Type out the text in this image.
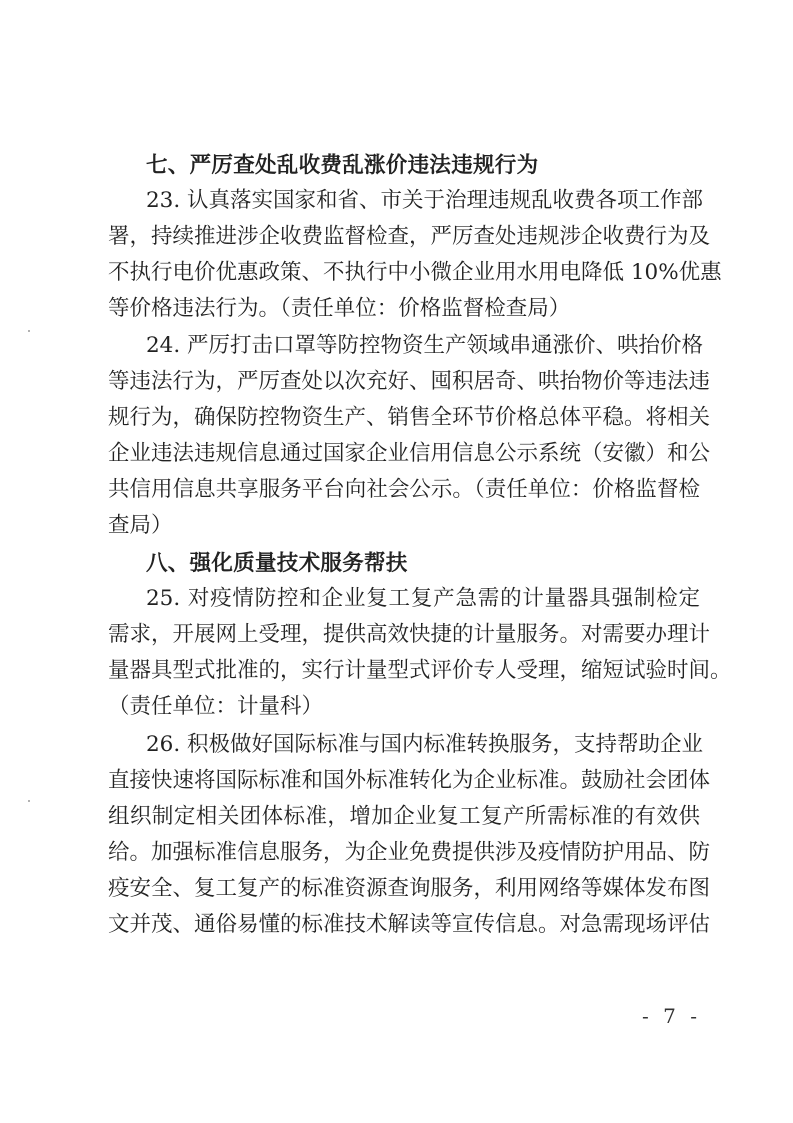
七、严厉查处乱收费乱涨价违法违规行为
23. 认真落实国家和省、市关于治理违规乱收费各项工作部
署，持续推进涉企收费监督检查，严厉查处违规涉企收费行为及
不执行电价优惠政策、不执行中小微企业用水用电降低 10%优惠
等价格违法行为。（责任单位：价格监督检查局）
24. 严厉打击口罩等防控物资生产领域串通涨价、哄抬价格
等违法行为，严厉查处以次充好、囤积居奇、哄抬物价等违法违
规行为，确保防控物资生产、销售全环节价格总体平稳。将相关
企业违法违规信息通过国家企业信用信息公示系统（安徽）和公
共信用信息共享服务平台向社会公示。（责任单位：价格监督检
查局）
八、强化质量技术服务帮扶
25. 对疫情防控和企业复工复产急需的计量器具强制检定
需求，开展网上受理，提供高效快捷的计量服务。对需要办理计
量器具型式批准的，实行计量型式评价专人受理，缩短试验时间。
（责任单位：计量科）
26. 积极做好国际标准与国内标准转换服务，支持帮助企业
直接快速将国际标准和国外标准转化为企业标准。鼓励社会团体
组织制定相关团体标准，增加企业复工复产所需标准的有效供
给。加强标准信息服务，为企业免费提供涉及疫情防护用品、防
疫安全、复工复产的标准资源查询服务，利用网络等媒体发布图
文并茂、通俗易懂的标准技术解读等宣传信息。对急需现场评估
- 7 -
